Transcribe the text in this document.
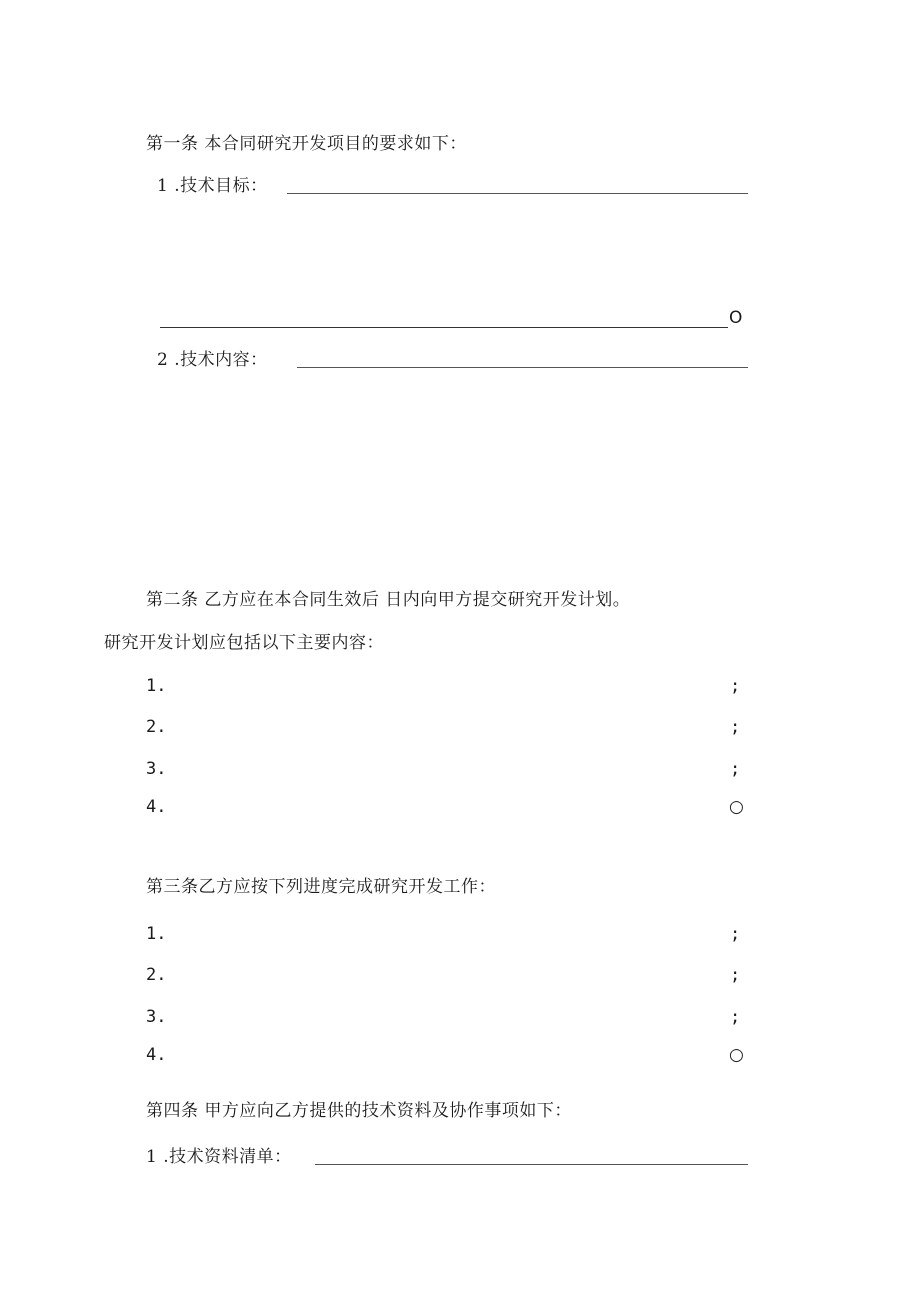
第一条 本合同研究开发项目的要求如下：
1 .技术目标：
O
2 .技术内容：
第二条 乙方应在本合同生效后 日内向甲方提交研究开发计划。
研究开发计划应包括以下主要内容：
1.	;
2.	;
3.	;
4.	○
第三条乙方应按下列进度完成研究开发工作：
1.	;
2.	;
3.	;
4.	○
第四条 甲方应向乙方提供的技术资料及协作事项如下：
1 .技术资料清单：
